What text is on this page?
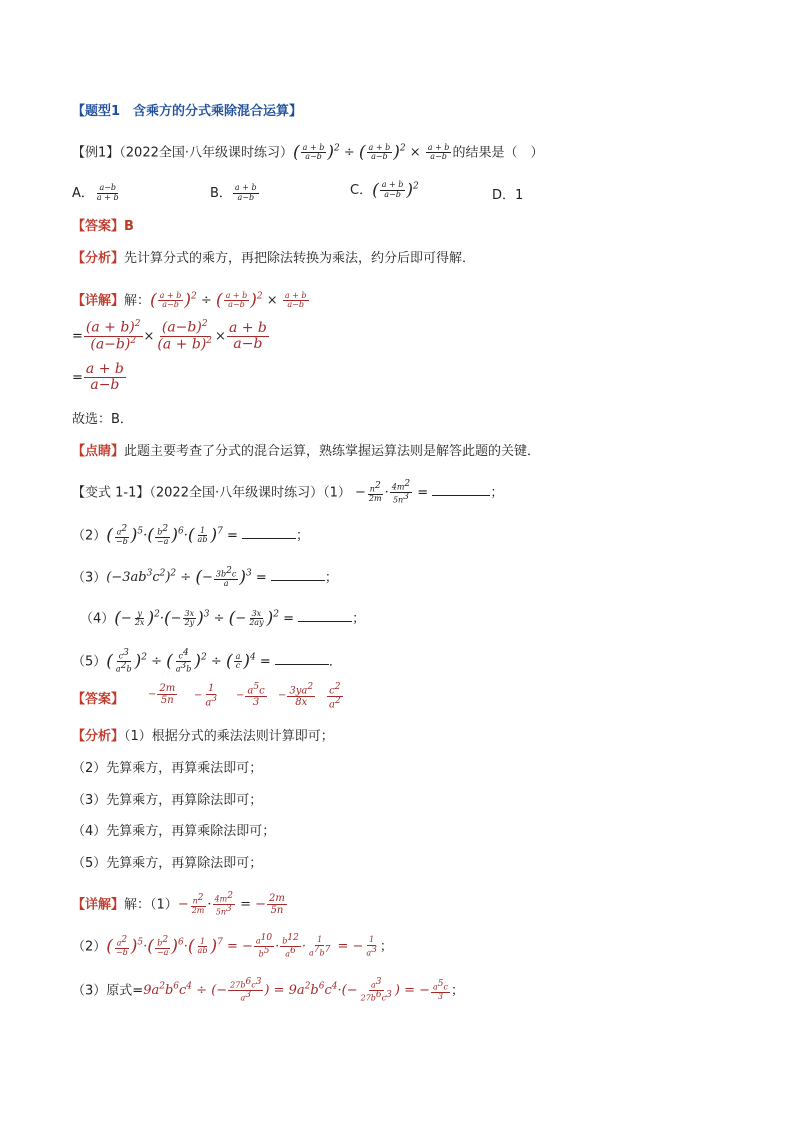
【题型1　含乘方的分式乘除混合运算】
【例1】（2022全国·八年级课时练习）( $\frac{a + b}{a-b} )^2$ ÷ ( $\frac{a + b}{a-b} )^2 \times \frac{a + b}{a-b}$ 的结果是（　）
A． $\frac{a-b}{a + b}$	B． $\frac{a + b}{a-b}$	C．( $\frac{a + b}{a-b} )^2$
D．1
【答案】B
【分析】先计算分式的乘方，再把除法转换为乘法，约分后即可得解．
【详解】解：( $\frac{a + b}{a-b} )^2$ ÷ ( $\frac{a + b}{a-b} )^2 \times \frac{a + b}{a-b}$
= $\frac{(a + b)^2}{(a-b)^2} \times \frac{(a-b)^2}{(a + b)^2} \times \frac{a + b}{a-b}$
= $\frac{a + b}{a-b}$
故选：B．
【点睛】此题主要考查了分式的混合运算，熟练掌握运算法则是解答此题的关键．
【变式 1-1】（2022全国·八年级课时练习）$(1) - \frac{n^2}{2m} \cdot \frac{4m^2}{5n^3}$ =	；
$(2)( \frac{a^2}{-b} )^5\cdot( \frac{b^2}{-a} )^6\cdot( \frac{1}{ab} )^7$ =	；
$(3)(-3ab^3c^2)^2$ ÷ (− $\frac{3b^2c}{a} )^3$ =	；
$(4)(- \frac{y}{2x} )^2\cdot(- \frac{3x}{2y} )^3$ ÷ (− $\frac{3x}{2ay} )^2$ =	；
$(5)( \frac{c^3}{a^2b} )^2$ ÷ ( $\frac{c^4}{a^3b} )^2$ ÷ ( $\frac{a}{c} )^4$ =	．
【答案】 − $\frac{2m}{5n} - \frac{1}{a^3} - \frac{a^5c}{3} - \frac{3ya^2}{8x} \frac{c^2}{a^2}$
【分析】（1）根据分式的乘法法则计算即可；
（2）先算乘方，再算乘法即可；
（3）先算乘方，再算除法即可；
（4）先算乘方，再算乘除法即可；
（5）先算乘方，再算除法即可；
【详解】解：$(1)- \frac{n^2}{2m} \cdot \frac{4m^2}{5n^3}$ = − $\frac{2m}{5n}$
$(2)( \frac{a^2}{-b} )^5\cdot( \frac{b^2}{-a} )^6\cdot( \frac{1}{ab} )^7$ = − $\frac{a^{10}}{b^5} \cdot \frac{b^{12}}{a^6} \cdot \frac{1}{a^7b^7}$ = − $\frac{1}{a^3}$ ；
（3）原式$=9a^2b^6c^4$ ÷ (− $\frac{27b^6c^3}{a^3}$ ) = $9a^2b^6c^4\cdot(- \frac{a^3}{27b^6c^3}$ ) = − $\frac{a^5c}{3}$ ；
